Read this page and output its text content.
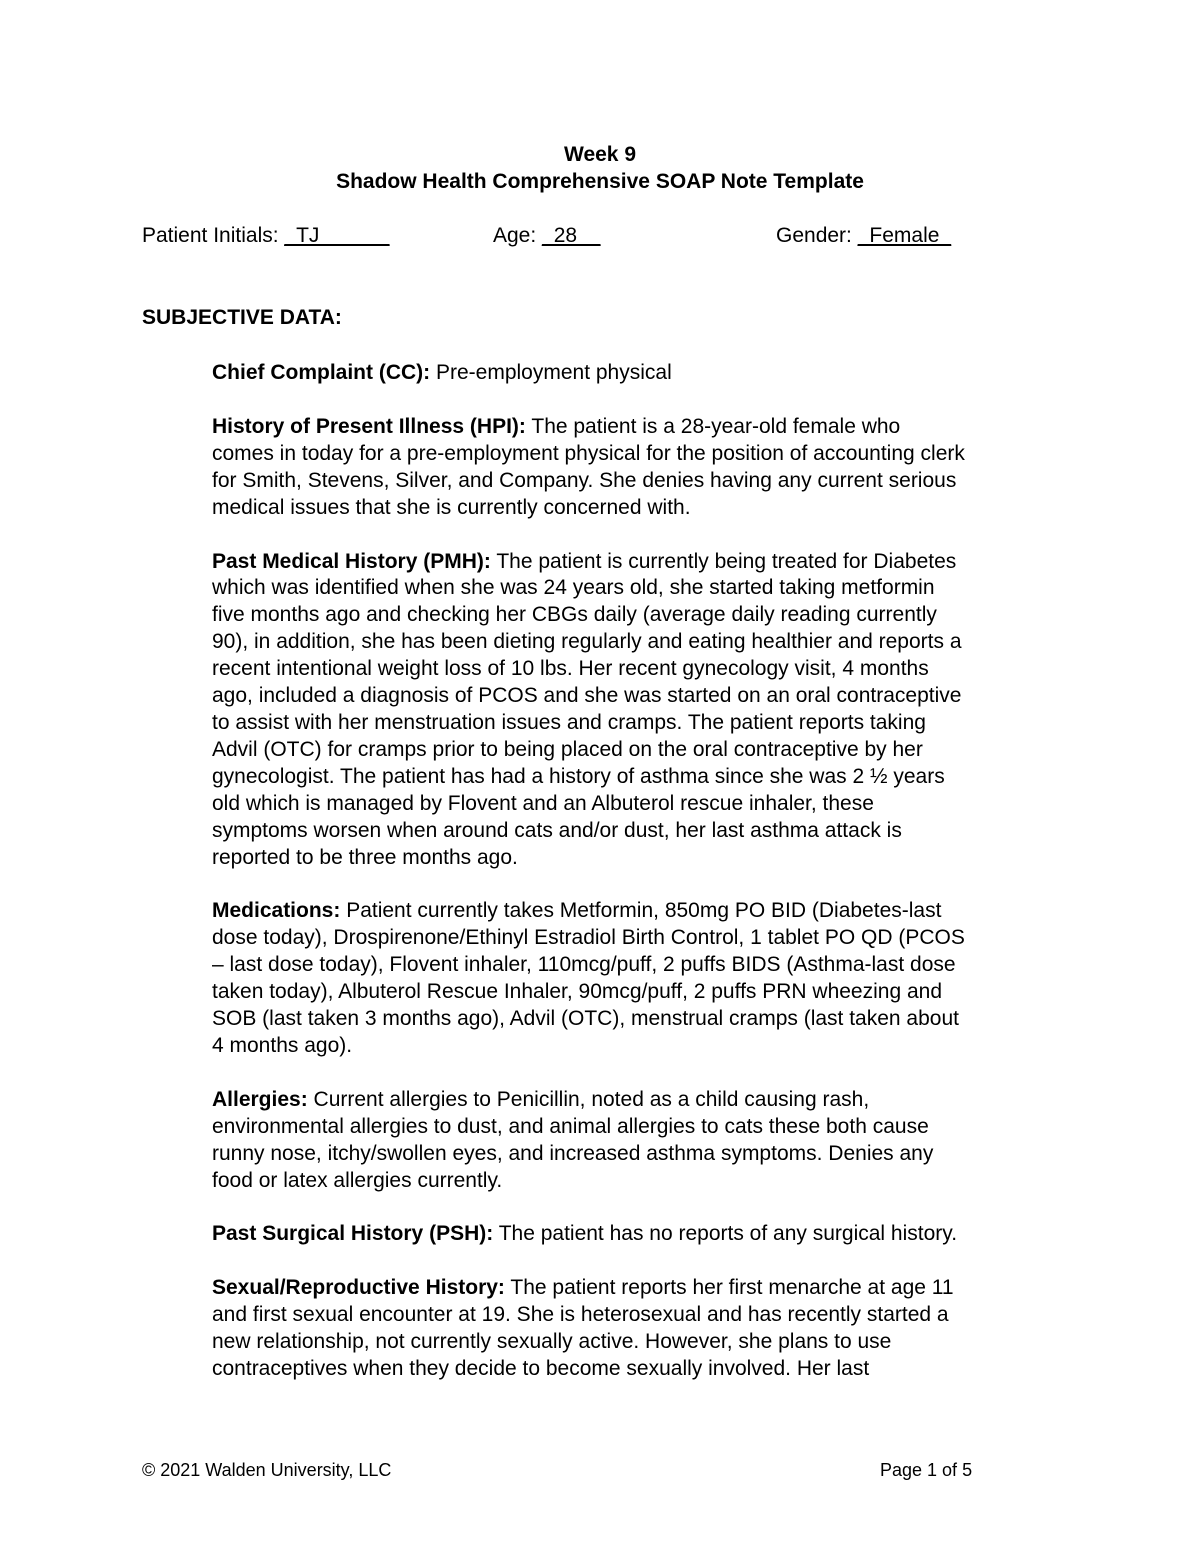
Week 9
Shadow Health Comprehensive SOAP Note Template
Patient Initials: _TJ______	Age: _28__	Gender: _Female_
SUBJECTIVE DATA:
Chief Complaint (CC): Pre-employment physical
History of Present Illness (HPI): The patient is a 28-year-old female who
comes in today for a pre-employment physical for the position of accounting clerk
for Smith, Stevens, Silver, and Company. She denies having any current serious
medical issues that she is currently concerned with.
Past Medical History (PMH): The patient is currently being treated for Diabetes
which was identified when she was 24 years old, she started taking metformin
five months ago and checking her CBGs daily (average daily reading currently
90), in addition, she has been dieting regularly and eating healthier and reports a
recent intentional weight loss of 10 lbs. Her recent gynecology visit, 4 months
ago, included a diagnosis of PCOS and she was started on an oral contraceptive
to assist with her menstruation issues and cramps. The patient reports taking
Advil (OTC) for cramps prior to being placed on the oral contraceptive by her
gynecologist. The patient has had a history of asthma since she was 2 ½ years
old which is managed by Flovent and an Albuterol rescue inhaler, these
symptoms worsen when around cats and/or dust, her last asthma attack is
reported to be three months ago.
Medications: Patient currently takes Metformin, 850mg PO BID (Diabetes-last
dose today), Drospirenone/Ethinyl Estradiol Birth Control, 1 tablet PO QD (PCOS
– last dose today), Flovent inhaler, 110mcg/puff, 2 puffs BIDS (Asthma-last dose
taken today), Albuterol Rescue Inhaler, 90mcg/puff, 2 puffs PRN wheezing and
SOB (last taken 3 months ago), Advil (OTC), menstrual cramps (last taken about
4 months ago).
Allergies: Current allergies to Penicillin, noted as a child causing rash,
environmental allergies to dust, and animal allergies to cats these both cause
runny nose, itchy/swollen eyes, and increased asthma symptoms. Denies any
food or latex allergies currently.
Past Surgical History (PSH): The patient has no reports of any surgical history.
Sexual/Reproductive History: The patient reports her first menarche at age 11
and first sexual encounter at 19. She is heterosexual and has recently started a
new relationship, not currently sexually active. However, she plans to use
contraceptives when they decide to become sexually involved. Her last
© 2021 Walden University, LLC	Page 1 of 5
